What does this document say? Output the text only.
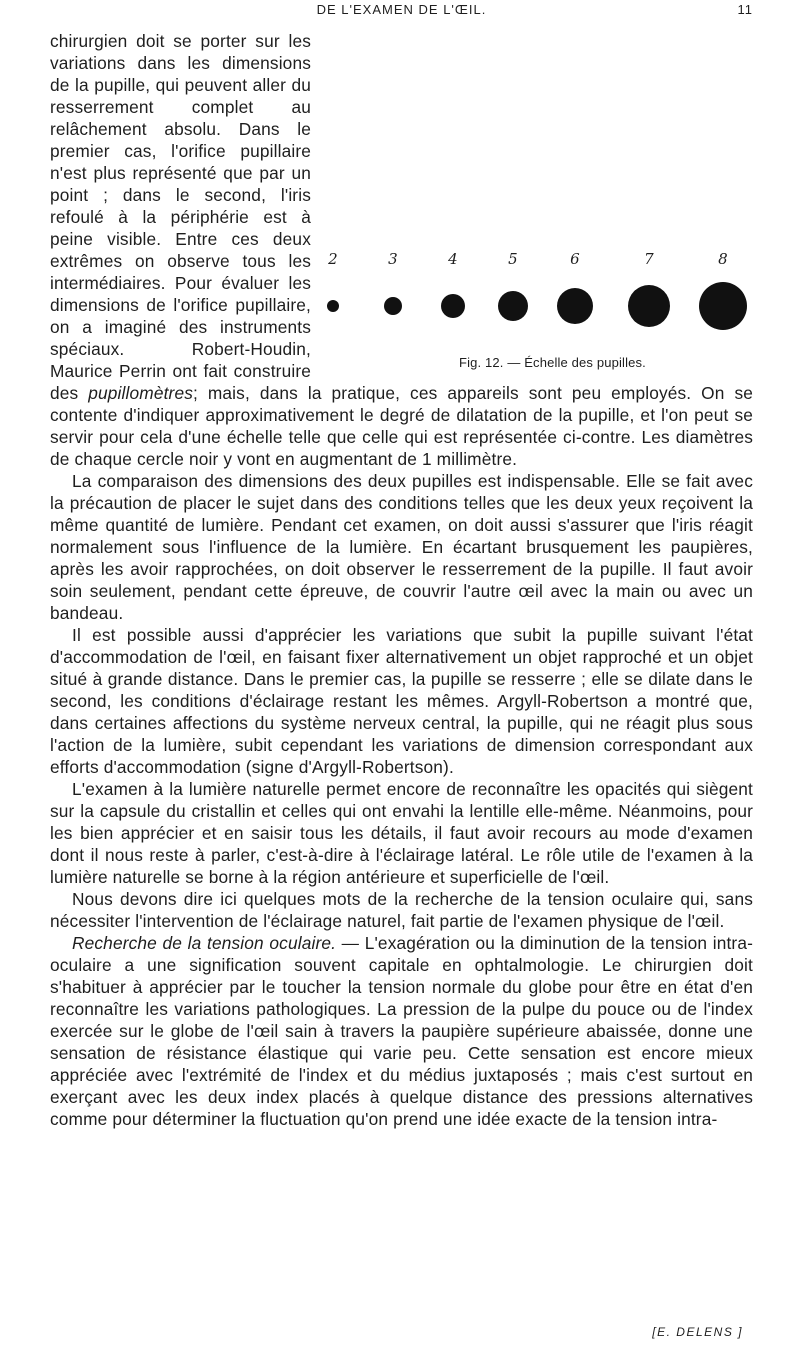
DE L'EXAMEN DE L'ŒIL.	11

2	3	4	5	6	7	8
Fig. 12. — Échelle des pupilles.
chirurgien doit se porter sur les variations dans les dimensions de la pupille, qui peuvent aller du resserrement complet au relâchement absolu. Dans le premier cas, l'orifice pupillaire n'est plus représenté que par un point ; dans le second, l'iris refoulé à la périphérie est à peine visible. Entre ces deux extrêmes on observe tous les intermédiaires. Pour évaluer les dimensions de l'orifice pupillaire, on a imaginé des instruments spéciaux. Robert-Houdin, Maurice Perrin ont fait construire des pupillomètres; mais, dans la pratique, ces appareils sont peu employés. On se contente d'indiquer approximativement le degré de dilatation de la pupille, et l'on peut se servir pour cela d'une échelle telle que celle qui est représentée ci-contre. Les diamètres de chaque cercle noir y vont en augmentant de 1 millimètre.

La comparaison des dimensions des deux pupilles est indispensable. Elle se fait avec la précaution de placer le sujet dans des conditions telles que les deux yeux reçoivent la même quantité de lumière. Pendant cet examen, on doit aussi s'assurer que l'iris réagit normalement sous l'influence de la lumière. En écartant brusquement les paupières, après les avoir rapprochées, on doit observer le resserrement de la pupille. Il faut avoir soin seulement, pendant cette épreuve, de couvrir l'autre œil avec la main ou avec un bandeau.

Il est possible aussi d'apprécier les variations que subit la pupille suivant l'état d'accommodation de l'œil, en faisant fixer alternativement un objet rapproché et un objet situé à grande distance. Dans le premier cas, la pupille se resserre ; elle se dilate dans le second, les conditions d'éclairage restant les mêmes. Argyll-Robertson a montré que, dans certaines affections du système nerveux central, la pupille, qui ne réagit plus sous l'action de la lumière, subit cependant les variations de dimension correspondant aux efforts d'accommodation (signe d'Argyll-Robertson).

L'examen à la lumière naturelle permet encore de reconnaître les opacités qui siègent sur la capsule du cristallin et celles qui ont envahi la lentille elle-même. Néanmoins, pour les bien apprécier et en saisir tous les détails, il faut avoir recours au mode d'examen dont il nous reste à parler, c'est-à-dire à l'éclairage latéral. Le rôle utile de l'examen à la lumière naturelle se borne à la région antérieure et superficielle de l'œil.

Nous devons dire ici quelques mots de la recherche de la tension oculaire qui, sans nécessiter l'intervention de l'éclairage naturel, fait partie de l'examen physique de l'œil.

Recherche de la tension oculaire. — L'exagération ou la diminution de la tension intra-oculaire a une signification souvent capitale en ophtalmologie. Le chirurgien doit s'habituer à apprécier par le toucher la tension normale du globe pour être en état d'en reconnaître les variations pathologiques. La pression de la pulpe du pouce ou de l'index exercée sur le globe de l'œil sain à travers la paupière supérieure abaissée, donne une sensation de résistance élastique qui varie peu. Cette sensation est encore mieux appréciée avec l'extrémité de l'index et du médius juxtaposés ; mais c'est surtout en exerçant avec les deux index placés à quelque distance des pressions alternatives comme pour déterminer la fluctuation qu'on prend une idée exacte de la tension intra-

[E. DELENS ]
